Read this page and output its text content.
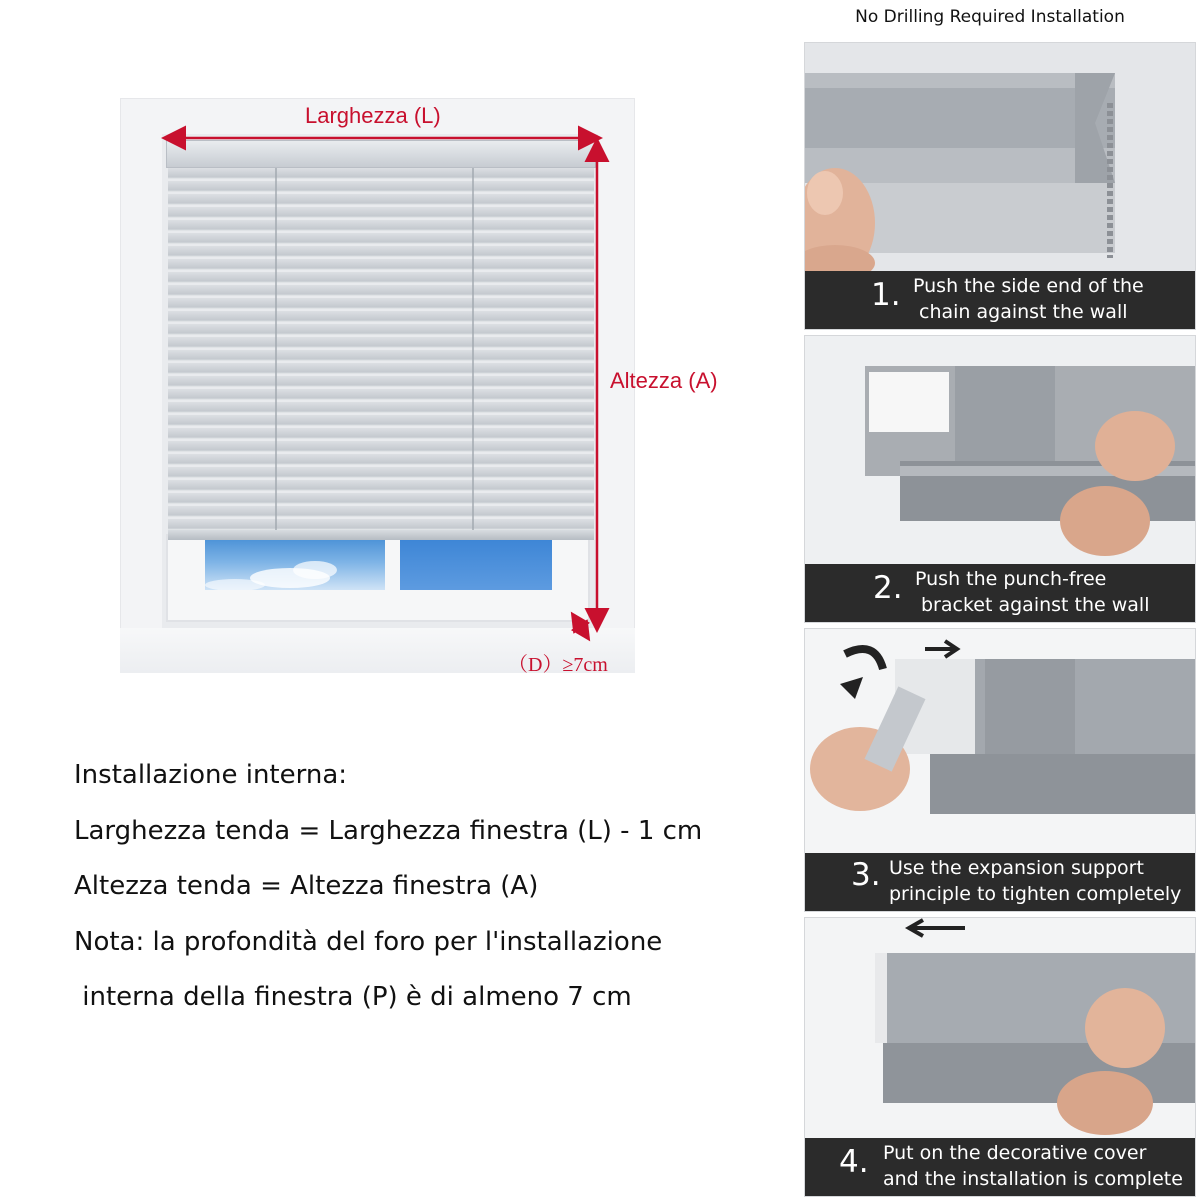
Larghezza (L)
Altezza (A)
（D）≥7cm
Installazione interna:
Larghezza tenda = Larghezza finestra (L) - 1 cm
Altezza tenda = Altezza finestra (A)
Nota: la profondità del foro per l'installazione
interna della finestra (P) è di almeno 7 cm
No Drilling Required Installation
1. Push the side end of the
chain against the wall
2. Push the punch-free
bracket against the wall
3. Use the expansion support
principle to tighten completely
4. Put on the decorative cover
and the installation is complete
